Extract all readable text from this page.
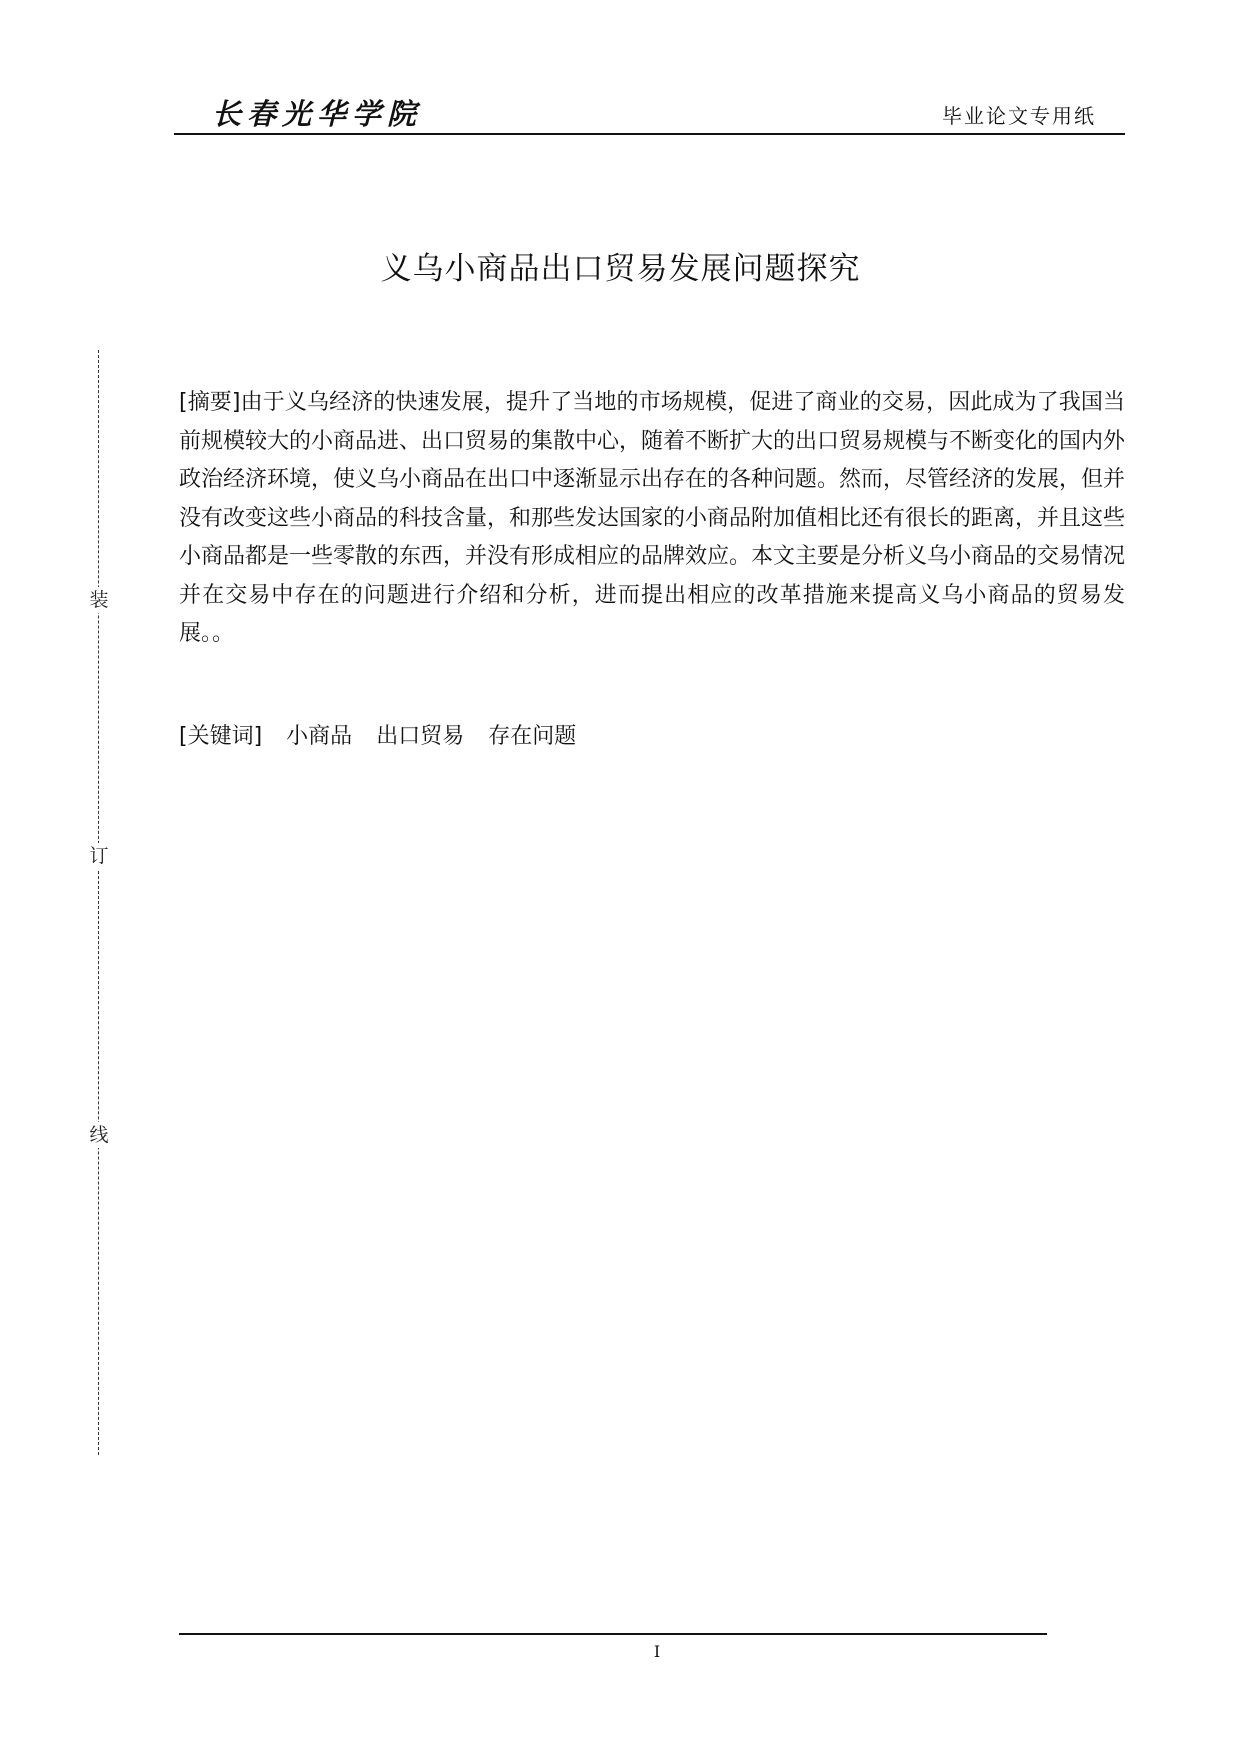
长春光华学院	毕业论文专用纸
义乌小商品出口贸易发展问题探究
装
订
线

[摘要]由于义乌经济的快速发展，提升了当地的市场规模，促进了商业的交易，因此成为了我国当前规模较大的小商品进、出口贸易的集散中心，随着不断扩大的出口贸易规模与不断变化的国内外政治经济环境，使义乌小商品在出口中逐渐显示出存在的各种问题。然而，尽管经济的发展，但并没有改变这些小商品的科技含量，和那些发达国家的小商品附加值相比还有很长的距离，并且这些小商品都是一些零散的东西，并没有形成相应的品牌效应。本文主要是分析义乌小商品的交易情况并在交易中存在的问题进行介绍和分析，进而提出相应的改革措施来提高义乌小商品的贸易发展。。

[关键词] 小商品 出口贸易 存在问题
I
